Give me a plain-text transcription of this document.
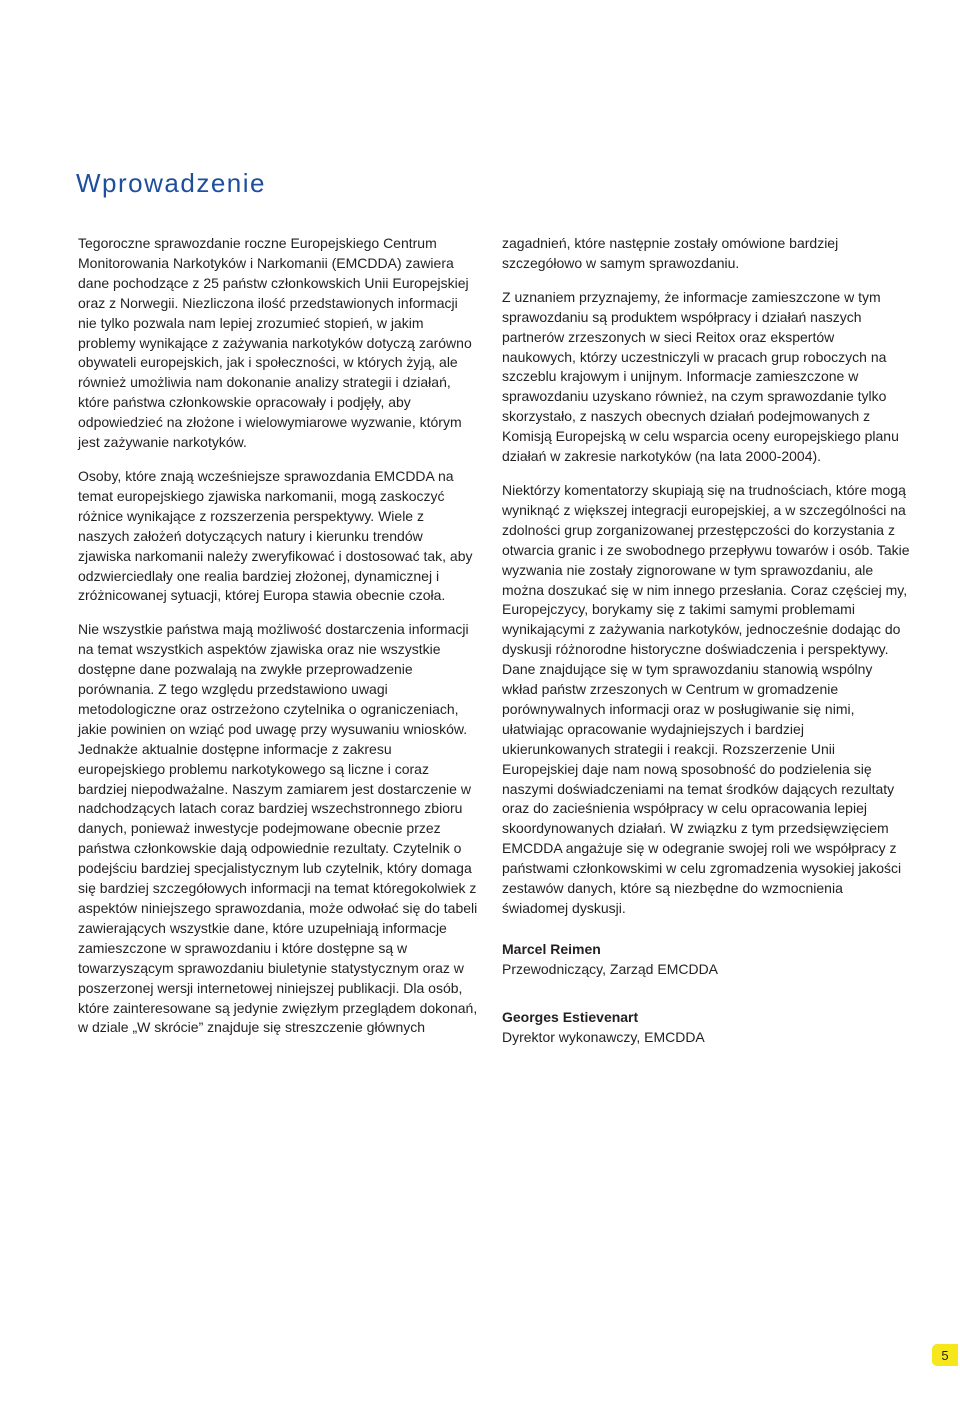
Wprowadzenie

Tegoroczne sprawozdanie roczne Europejskiego Centrum Monitorowania Narkotyków i Narkomanii (EMCDDA) zawiera dane pochodzące z 25 państw członkowskich Unii Europejskiej oraz z Norwegii. Niezliczona ilość przedstawionych informacji nie tylko pozwala nam lepiej zrozumieć stopień, w jakim problemy wynikające z zażywania narkotyków dotyczą zarówno obywateli europejskich, jak i społeczności, w których żyją, ale również umożliwia nam dokonanie analizy strategii i działań, które państwa członkowskie opracowały i podjęły, aby odpowiedzieć na złożone i wielowymiarowe wyzwanie, którym jest zażywanie narkotyków.

Osoby, które znają wcześniejsze sprawozdania EMCDDA na temat europejskiego zjawiska narkomanii, mogą zaskoczyć różnice wynikające z rozszerzenia perspektywy. Wiele z naszych założeń dotyczących natury i kierunku trendów zjawiska narkomanii należy zweryfikować i dostosować tak, aby odzwierciedlały one realia bardziej złożonej, dynamicznej i zróżnicowanej sytuacji, której Europa stawia obecnie czoła.

Nie wszystkie państwa mają możliwość dostarczenia informacji na temat wszystkich aspektów zjawiska oraz nie wszystkie dostępne dane pozwalają na zwykłe przeprowadzenie porównania. Z tego względu przedstawiono uwagi metodologiczne oraz ostrzeżono czytelnika o ograniczeniach, jakie powinien on wziąć pod uwagę przy wysuwaniu wniosków. Jednakże aktualnie dostępne informacje z zakresu europejskiego problemu narkotykowego są liczne i coraz bardziej niepodważalne. Naszym zamiarem jest dostarczenie w nadchodzących latach coraz bardziej wszechstronnego zbioru danych, ponieważ inwestycje podejmowane obecnie przez państwa członkowskie dają odpowiednie rezultaty. Czytelnik o podejściu bardziej specjalistycznym lub czytelnik, który domaga się bardziej szczegółowych informacji na temat któregokolwiek z aspektów niniejszego sprawozdania, może odwołać się do tabeli zawierających wszystkie dane, które uzupełniają informacje zamieszczone w sprawozdaniu i które dostępne są w towarzyszącym sprawozdaniu biuletynie statystycznym oraz w poszerzonej wersji internetowej niniejszej publikacji. Dla osób, które zainteresowane są jedynie zwięzłym przeglądem dokonań, w dziale „W skrócie” znajduje się streszczenie głównych

zagadnień, które następnie zostały omówione bardziej szczegółowo w samym sprawozdaniu.

Z uznaniem przyznajemy, że informacje zamieszczone w tym sprawozdaniu są produktem współpracy i działań naszych partnerów zrzeszonych w sieci Reitox oraz ekspertów naukowych, którzy uczestniczyli w pracach grup roboczych na szczeblu krajowym i unijnym. Informacje zamieszczone w sprawozdaniu uzyskano również, na czym sprawozdanie tylko skorzystało, z naszych obecnych działań podejmowanych z Komisją Europejską w celu wsparcia oceny europejskiego planu działań w zakresie narkotyków (na lata 2000-2004).

Niektórzy komentatorzy skupiają się na trudnościach, które mogą wyniknąć z większej integracji europejskiej, a w szczególności na zdolności grup zorganizowanej przestępczości do korzystania z otwarcia granic i ze swobodnego przepływu towarów i osób. Takie wyzwania nie zostały zignorowane w tym sprawozdaniu, ale można doszukać się w nim innego przesłania. Coraz częściej my, Europejczycy, borykamy się z takimi samymi problemami wynikającymi z zażywania narkotyków, jednocześnie dodając do dyskusji różnorodne historyczne doświadczenia i perspektywy. Dane znajdujące się w tym sprawozdaniu stanowią wspólny wkład państw zrzeszonych w Centrum w gromadzenie porównywalnych informacji oraz w posługiwanie się nimi, ułatwiając opracowanie wydajniejszych i bardziej ukierunkowanych strategii i reakcji. Rozszerzenie Unii Europejskiej daje nam nową sposobność do podzielenia się naszymi doświadczeniami na temat środków dających rezultaty oraz do zacieśnienia współpracy w celu opracowania lepiej skoordynowanych działań. W związku z tym przedsięwzięciem EMCDDA angażuje się w odegranie swojej roli we współpracy z państwami członkowskimi w celu zgromadzenia wysokiej jakości zestawów danych, które są niezbędne do wzmocnienia świadomej dyskusji.

Marcel Reimen
Przewodniczący, Zarząd EMCDDA
Georges Estievenart
Dyrektor wykonawczy, EMCDDA
5
